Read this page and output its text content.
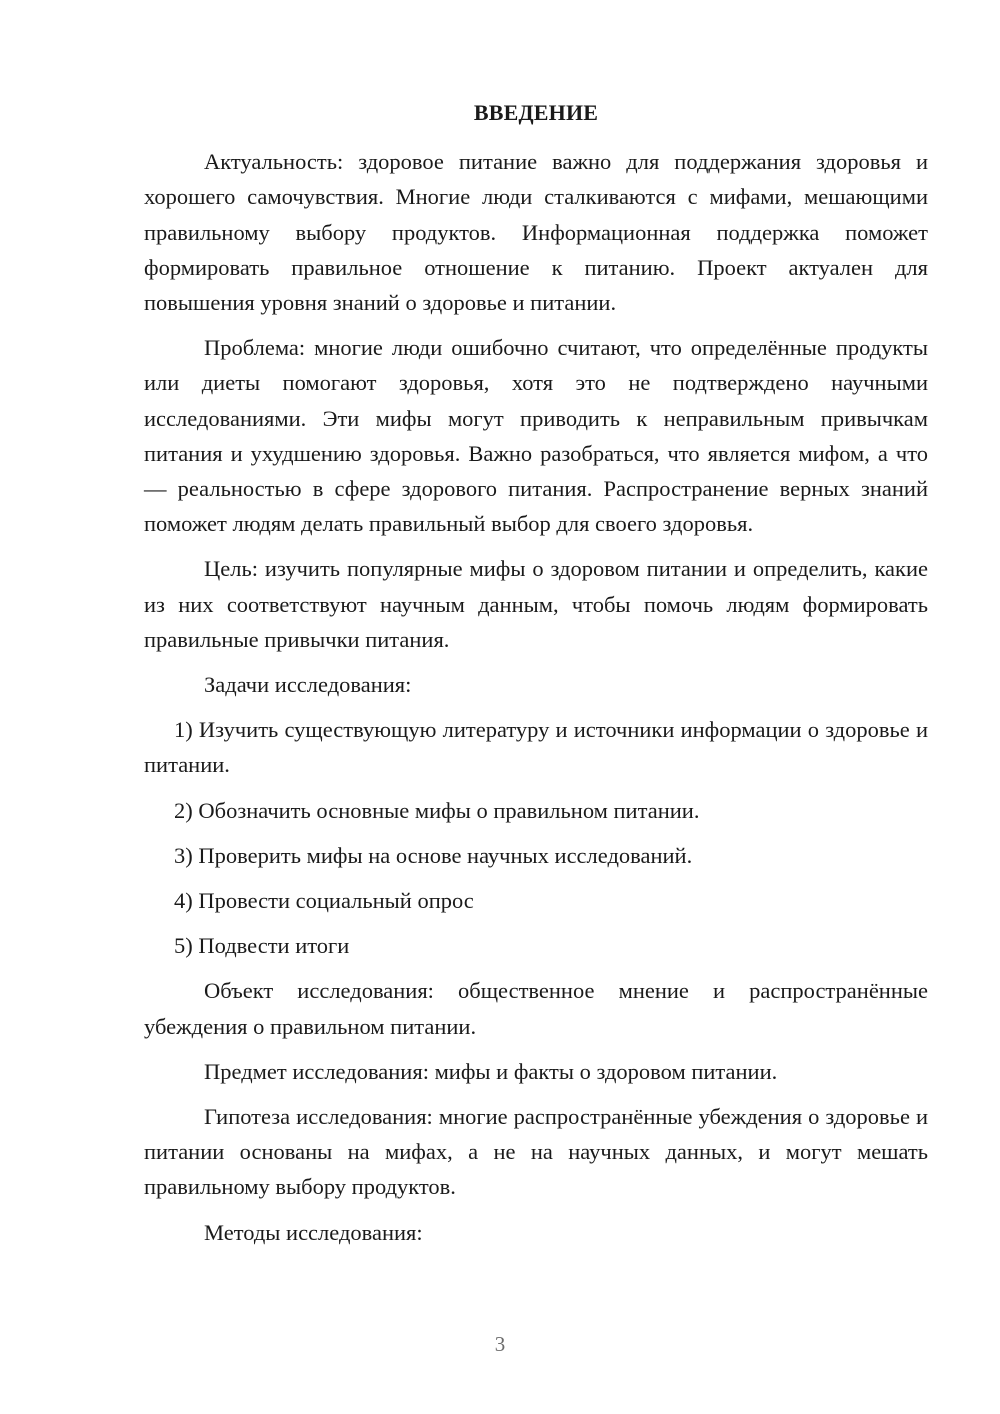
ВВЕДЕНИЕ

Актуальность: здоровое питание важно для поддержания здоровья и хорошего самочувствия. Многие люди сталкиваются с мифами, мешающими правильному выбору продуктов. Информационная поддержка поможет формировать правильное отношение к питанию. Проект актуален для повышения уровня знаний о здоровье и питании.

Проблема: многие люди ошибочно считают, что определённые продукты или диеты помогают здоровья, хотя это не подтверждено научными исследованиями. Эти мифы могут приводить к неправильным привычкам питания и ухудшению здоровья. Важно разобраться, что является мифом, а что — реальностью в сфере здорового питания. Распространение верных знаний поможет людям делать правильный выбор для своего здоровья.

Цель: изучить популярные мифы о здоровом питании и определить, какие из них соответствуют научным данным, чтобы помочь людям формировать правильные привычки питания.

Задачи исследования:

1) Изучить существующую литературу и источники информации о здоровье и питании.
2) Обозначить основные мифы о правильном питании.
3) Проверить мифы на основе научных исследований.
4) Провести социальный опрос
5) Подвести итоги

Объект исследования: общественное мнение и распространённые убеждения о правильном питании.

Предмет исследования: мифы и факты о здоровом питании.

Гипотеза исследования: многие распространённые убеждения о здоровье и питании основаны на мифах, а не на научных данных, и могут мешать правильному выбору продуктов.

Методы исследования:

3
